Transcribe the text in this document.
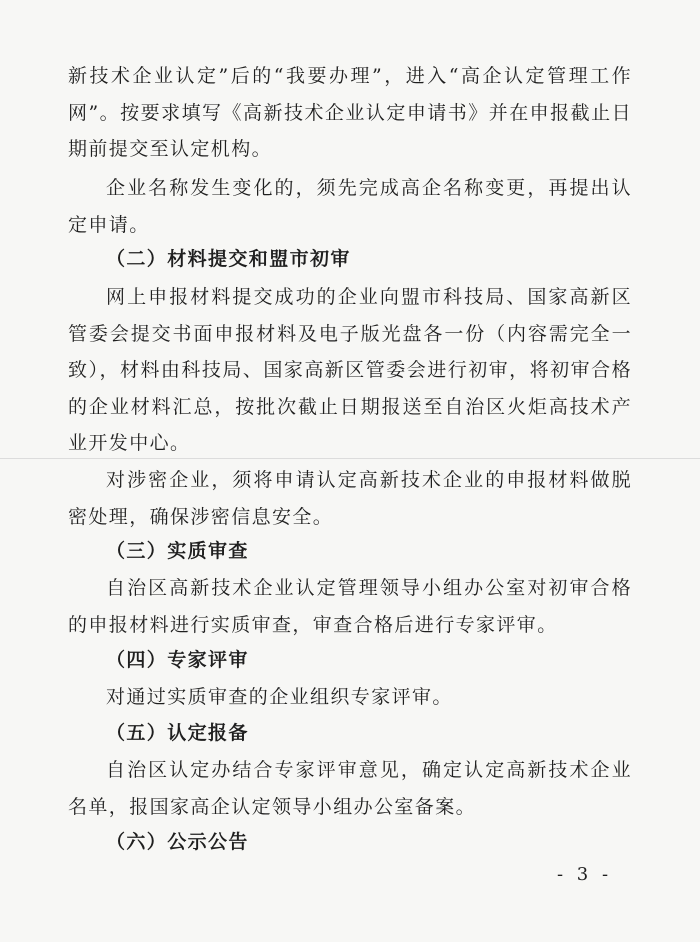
新技术企业认定”后的“我要办理”，进入“高企认定管理工作网”。按要求填写《高新技术企业认定申请书》并在申报截止日期前提交至认定机构。

企业名称发生变化的，须先完成高企名称变更，再提出认定申请。

（二）材料提交和盟市初审

网上申报材料提交成功的企业向盟市科技局、国家高新区管委会提交书面申报材料及电子版光盘各一份（内容需完全一致），材料由科技局、国家高新区管委会进行初审，将初审合格的企业材料汇总，按批次截止日期报送至自治区火炬高技术产业开发中心。

对涉密企业，须将申请认定高新技术企业的申报材料做脱密处理，确保涉密信息安全。

（三）实质审查

自治区高新技术企业认定管理领导小组办公室对初审合格的申报材料进行实质审查，审查合格后进行专家评审。

（四）专家评审

对通过实质审查的企业组织专家评审。

（五）认定报备

自治区认定办结合专家评审意见，确定认定高新技术企业名单，报国家高企认定领导小组办公室备案。

（六）公示公告

- 3 -
